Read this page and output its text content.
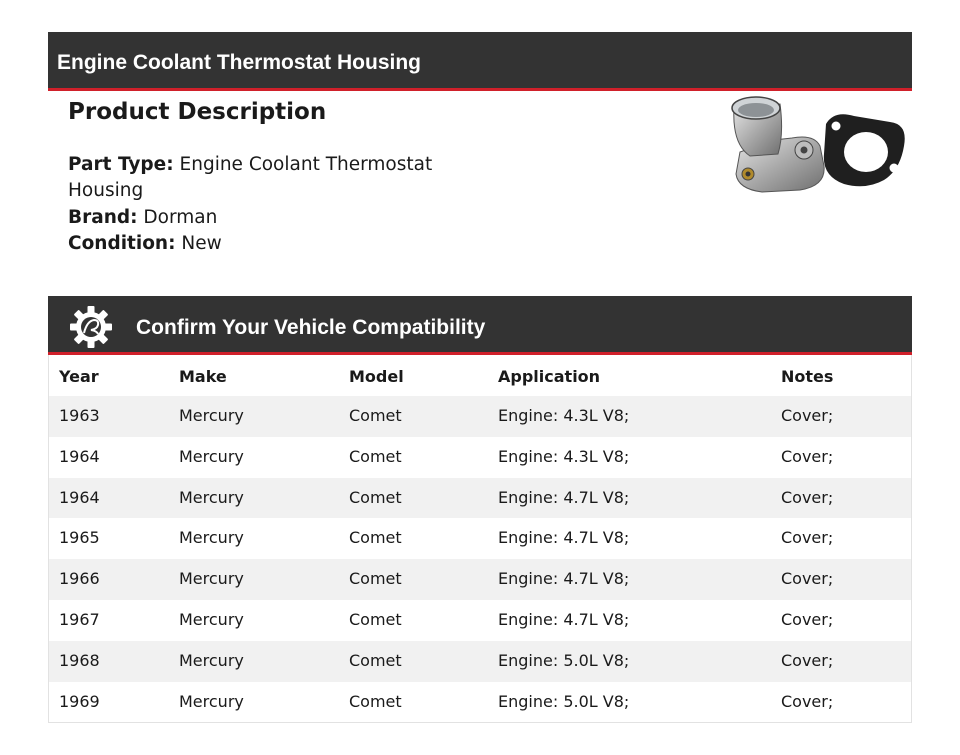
Engine Coolant Thermostat Housing
Product Description
Part Type: Engine Coolant Thermostat Housing
Brand: Dorman
Condition: New
Confirm Your Vehicle Compatibility
Year	Make	Model	Application	Notes
1963	Mercury	Comet	Engine: 4.3L V8;	Cover;
1964	Mercury	Comet	Engine: 4.3L V8;	Cover;
1964	Mercury	Comet	Engine: 4.7L V8;	Cover;
1965	Mercury	Comet	Engine: 4.7L V8;	Cover;
1966	Mercury	Comet	Engine: 4.7L V8;	Cover;
1967	Mercury	Comet	Engine: 4.7L V8;	Cover;
1968	Mercury	Comet	Engine: 5.0L V8;	Cover;
1969	Mercury	Comet	Engine: 5.0L V8;	Cover;
